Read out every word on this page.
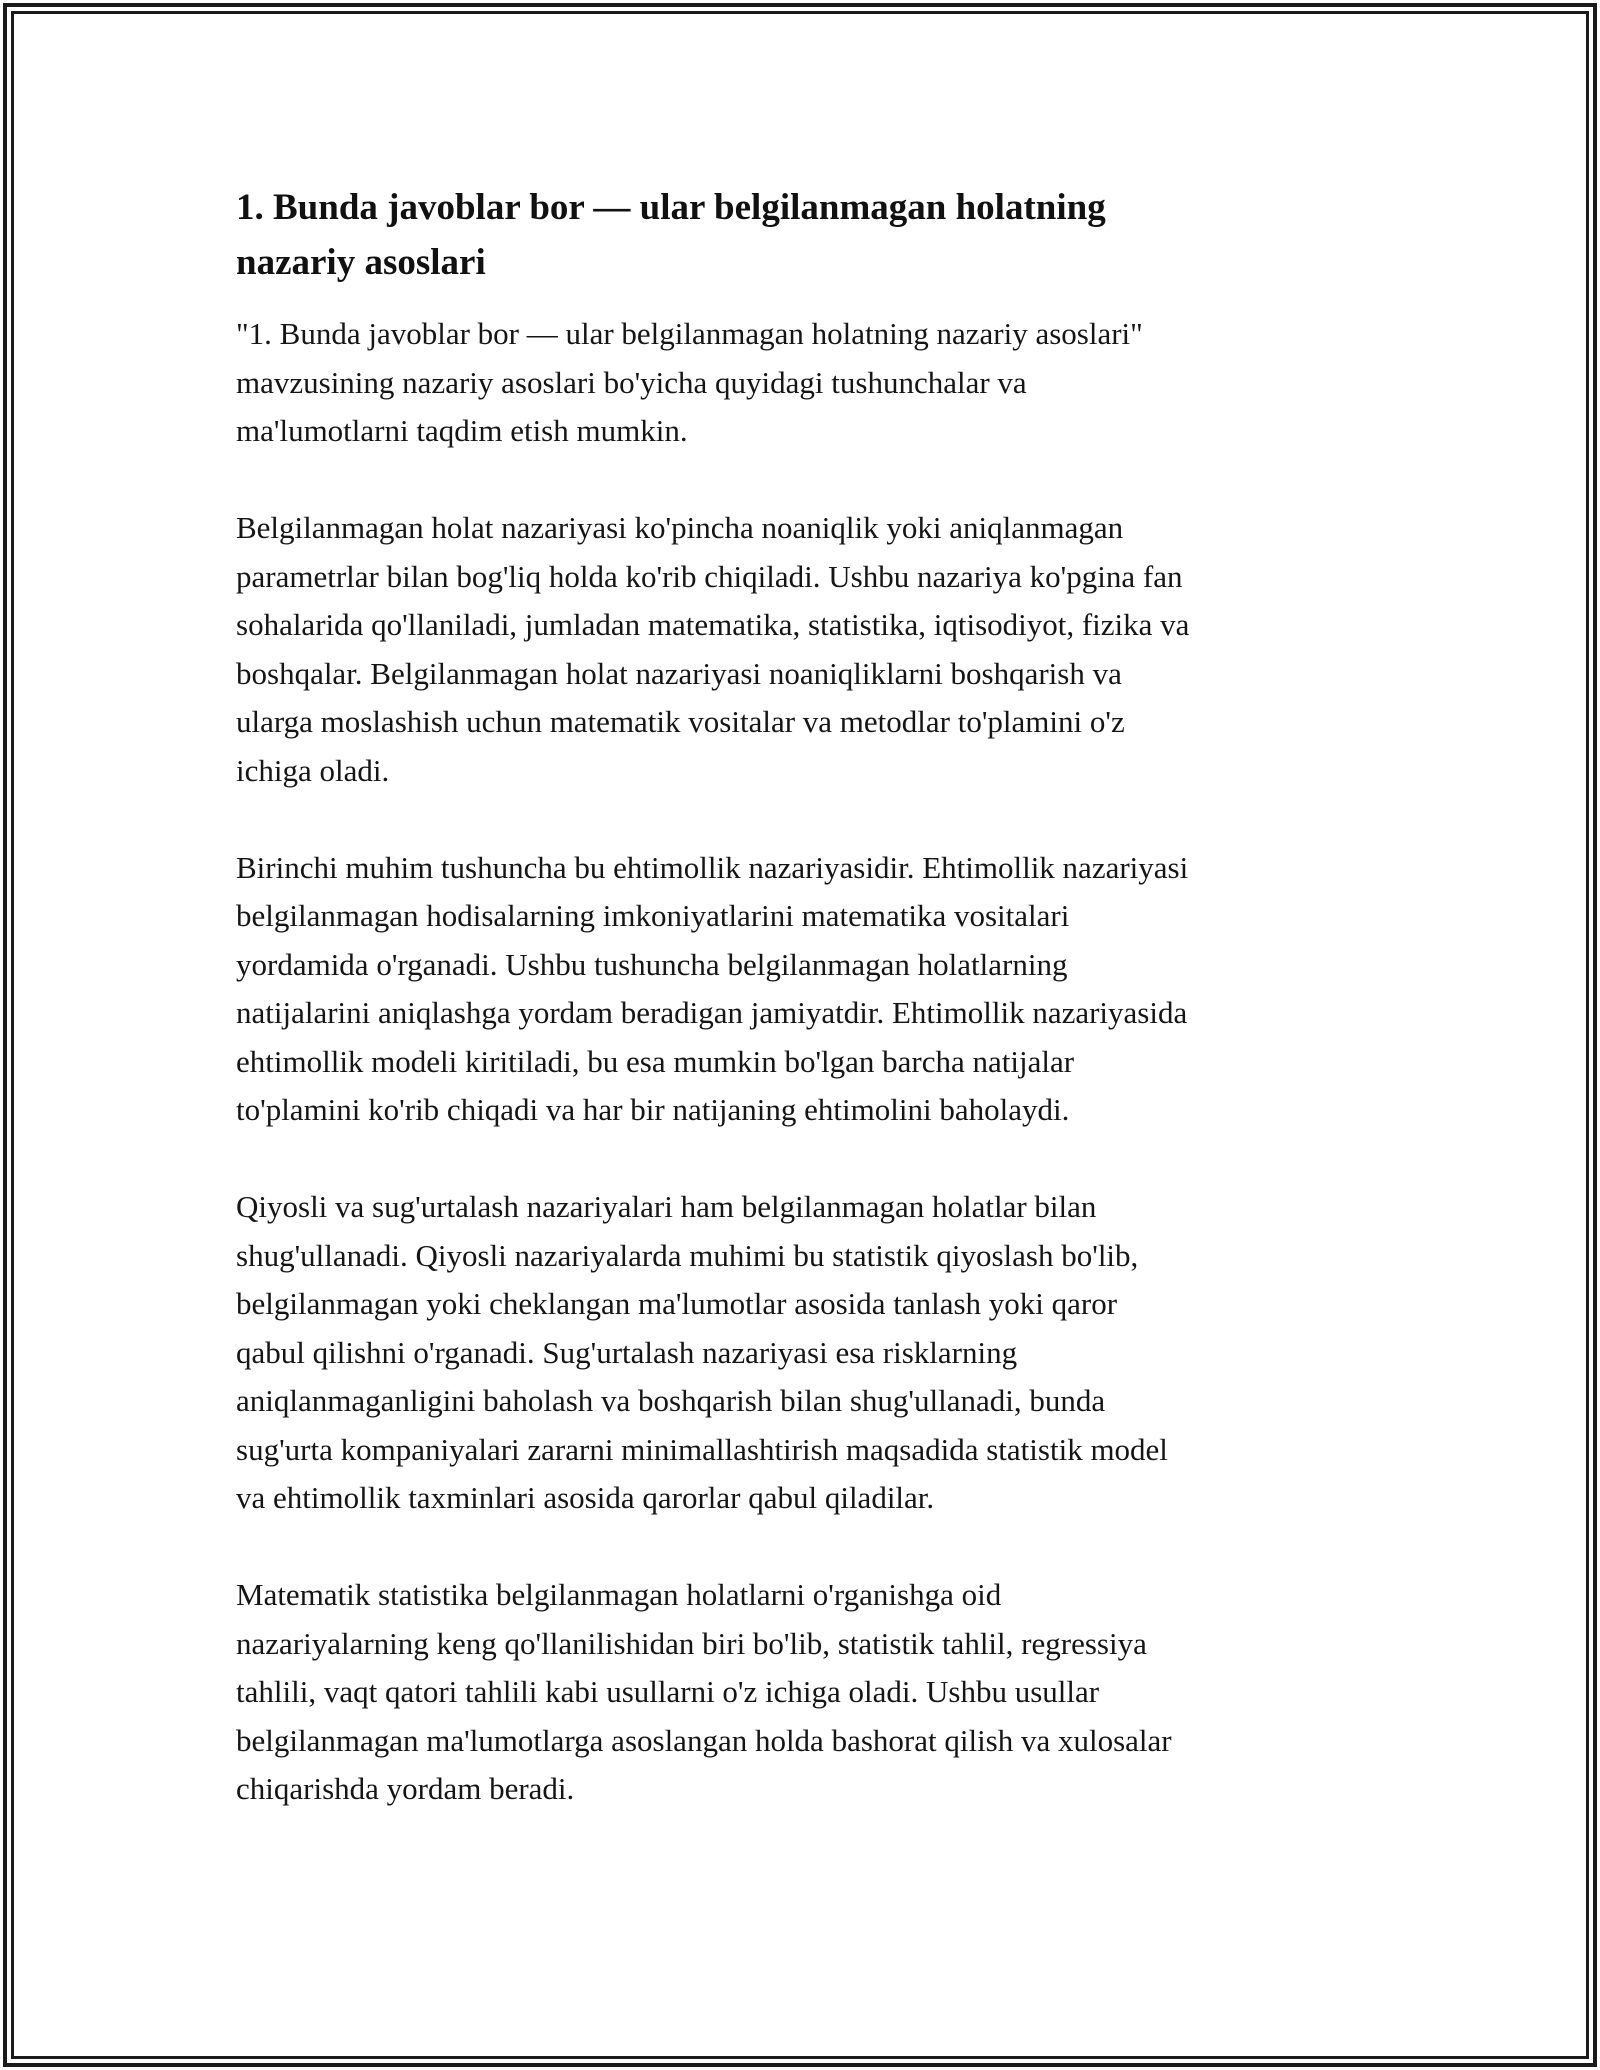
1. Bunda javoblar bor — ular belgilanmagan holatning
nazariy asoslari

"1. Bunda javoblar bor — ular belgilanmagan holatning nazariy asoslari"
mavzusining nazariy asoslari bo'yicha quyidagi tushunchalar va
ma'lumotlarni taqdim etish mumkin.

Belgilanmagan holat nazariyasi ko'pincha noaniqlik yoki aniqlanmagan
parametrlar bilan bog'liq holda ko'rib chiqiladi. Ushbu nazariya ko'pgina fan
sohalarida qo'llaniladi, jumladan matematika, statistika, iqtisodiyot, fizika va
boshqalar. Belgilanmagan holat nazariyasi noaniqliklarni boshqarish va
ularga moslashish uchun matematik vositalar va metodlar to'plamini o'z
ichiga oladi.

Birinchi muhim tushuncha bu ehtimollik nazariyasidir. Ehtimollik nazariyasi
belgilanmagan hodisalarning imkoniyatlarini matematika vositalari
yordamida o'rganadi. Ushbu tushuncha belgilanmagan holatlarning
natijalarini aniqlashga yordam beradigan jamiyatdir. Ehtimollik nazariyasida
ehtimollik modeli kiritiladi, bu esa mumkin bo'lgan barcha natijalar
to'plamini ko'rib chiqadi va har bir natijaning ehtimolini baholaydi.

Qiyosli va sug'urtalash nazariyalari ham belgilanmagan holatlar bilan
shug'ullanadi. Qiyosli nazariyalarda muhimi bu statistik qiyoslash bo'lib,
belgilanmagan yoki cheklangan ma'lumotlar asosida tanlash yoki qaror
qabul qilishni o'rganadi. Sug'urtalash nazariyasi esa risklarning
aniqlanmaganligini baholash va boshqarish bilan shug'ullanadi, bunda
sug'urta kompaniyalari zararni minimallashtirish maqsadida statistik model
va ehtimollik taxminlari asosida qarorlar qabul qiladilar.

Matematik statistika belgilanmagan holatlarni o'rganishga oid
nazariyalarning keng qo'llanilishidan biri bo'lib, statistik tahlil, regressiya
tahlili, vaqt qatori tahlili kabi usullarni o'z ichiga oladi. Ushbu usullar
belgilanmagan ma'lumotlarga asoslangan holda bashorat qilish va xulosalar
chiqarishda yordam beradi.
